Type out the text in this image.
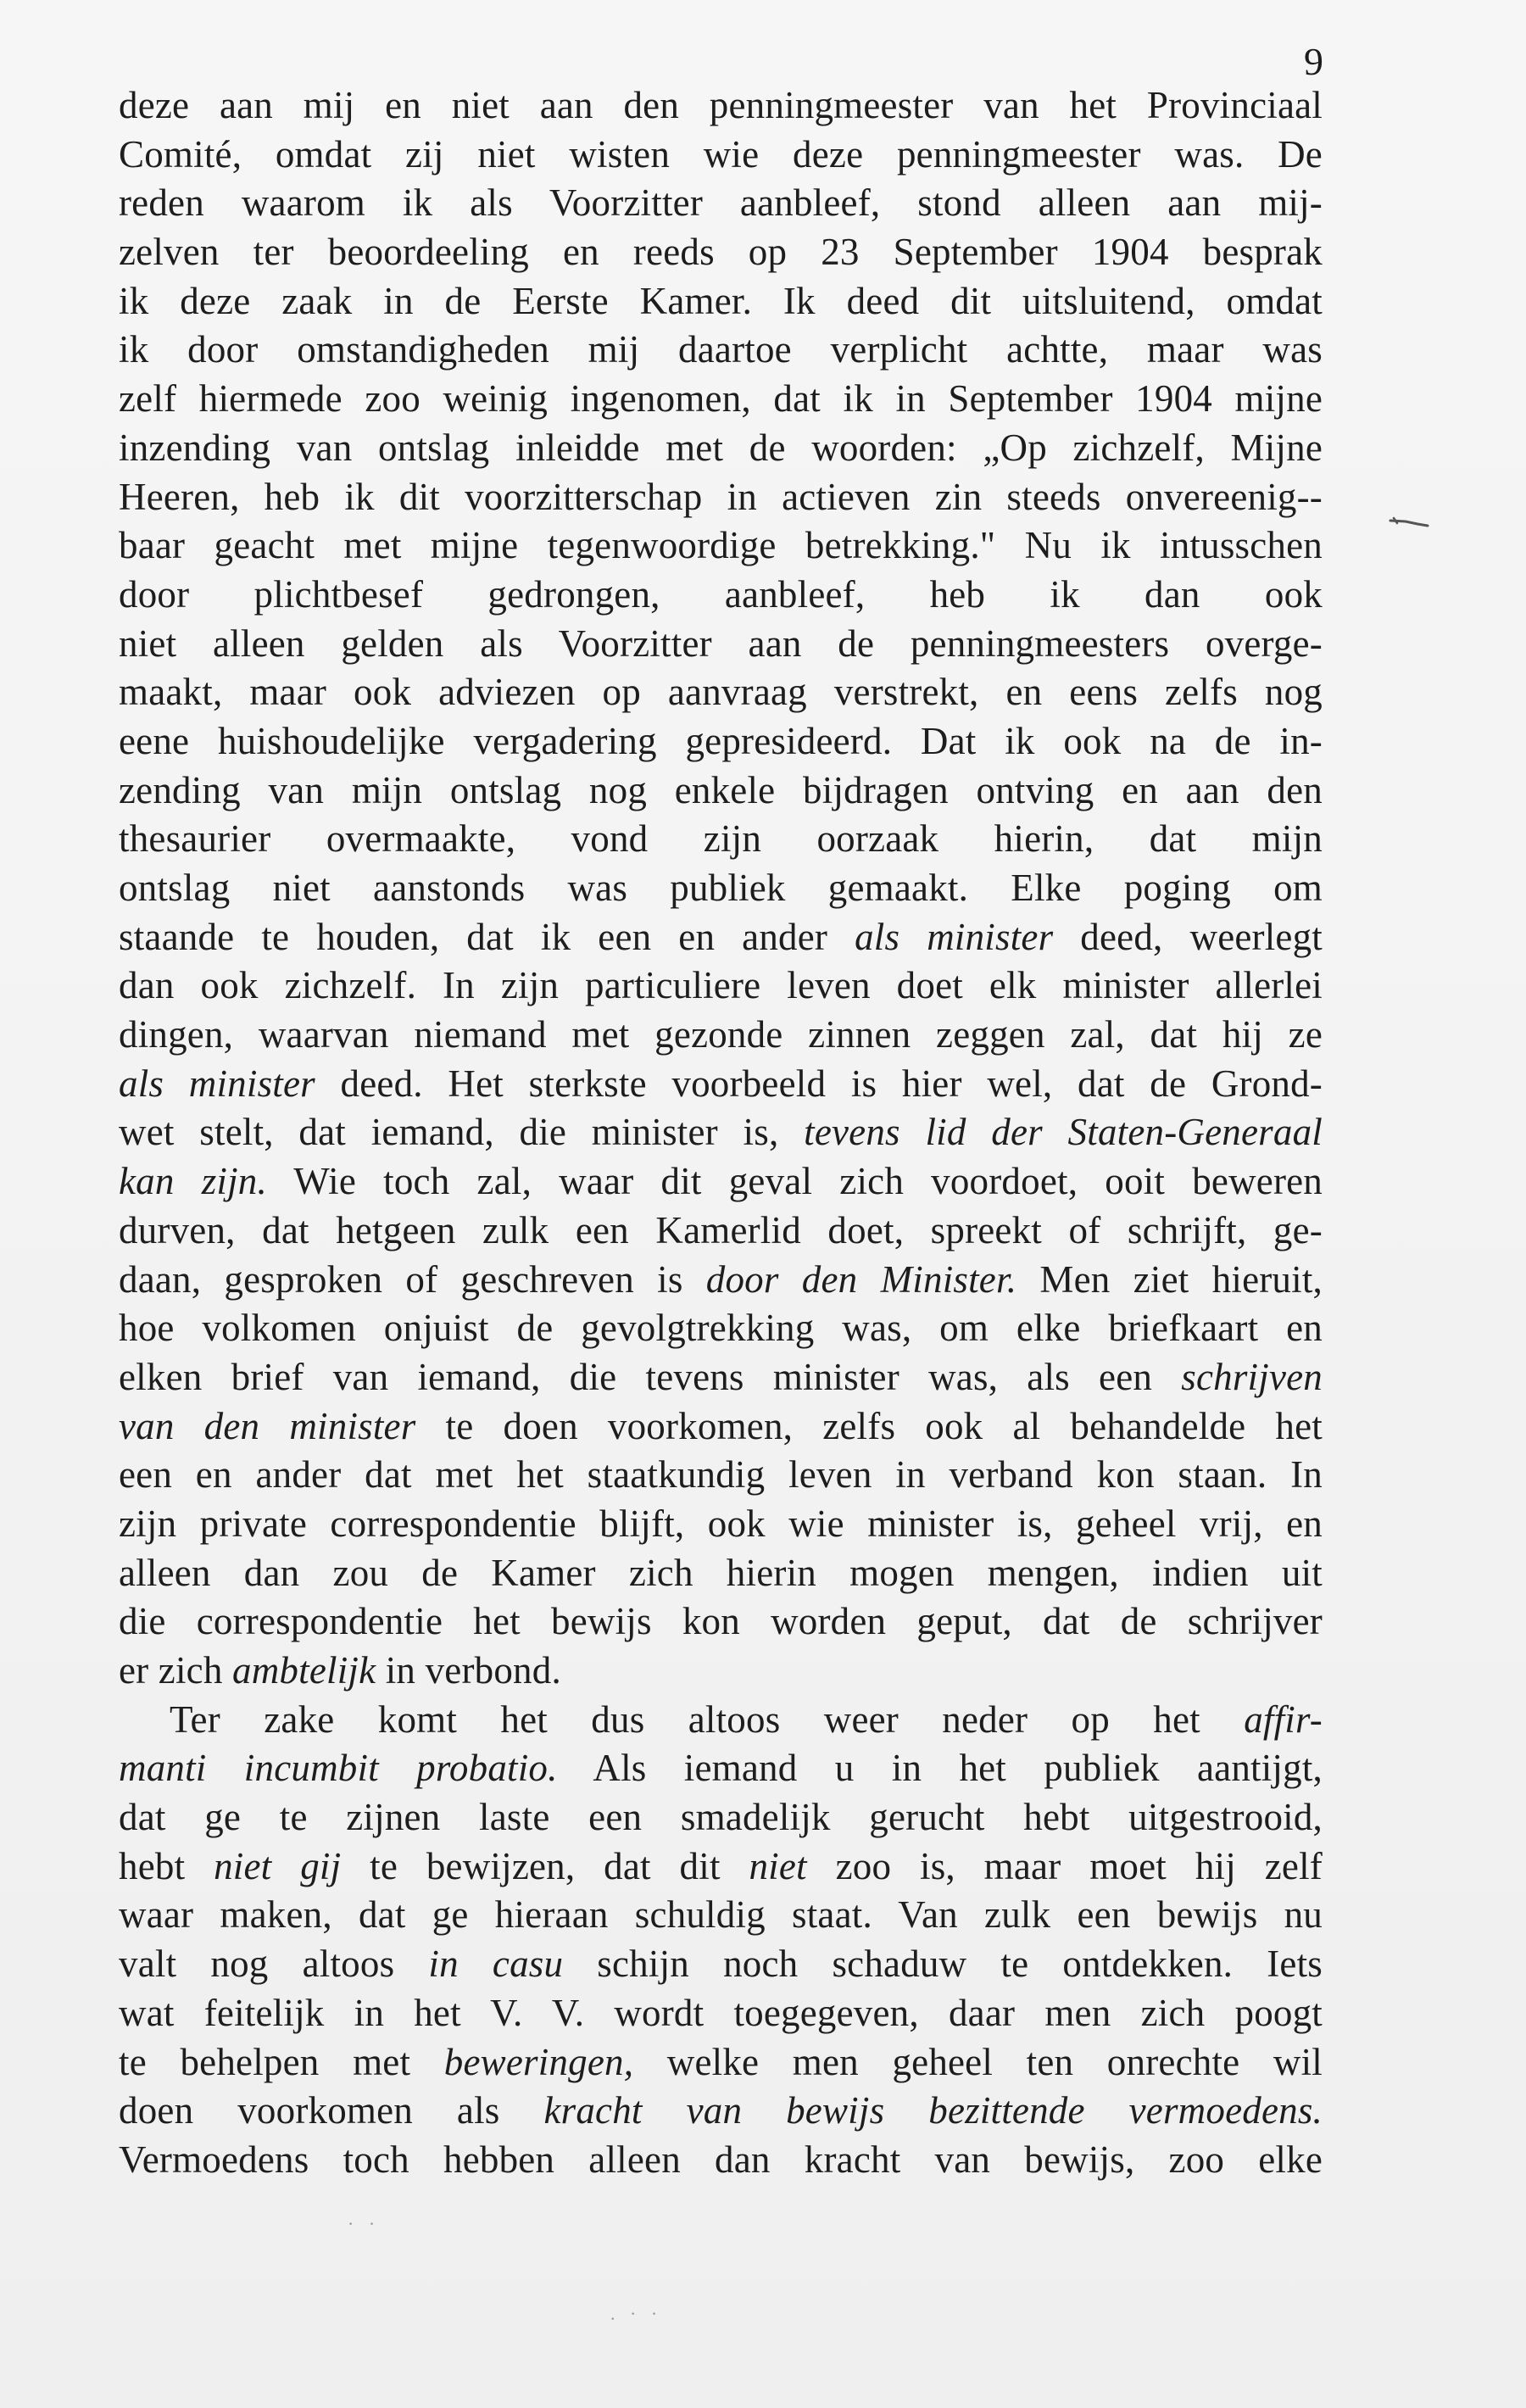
9
deze aan mij en niet aan den penningmeester van het Provinciaal
Comité, omdat zij niet wisten wie deze penningmeester was. De
reden waarom ik als Voorzitter aanbleef, stond alleen aan mij-
zelven ter beoordeeling en reeds op 23 September 1904 besprak
ik deze zaak in de Eerste Kamer. Ik deed dit uitsluitend, omdat
ik door omstandigheden mij daartoe verplicht achtte, maar was
zelf hiermede zoo weinig ingenomen, dat ik in September 1904 mijne
inzending van ontslag inleidde met de woorden: „Op zichzelf, Mijne
Heeren, heb ik dit voorzitterschap in actieven zin steeds onvereenig--
baar geacht met mijne tegenwoordige betrekking." Nu ik intusschen
door plichtbesef gedrongen, aanbleef, heb ik dan ook
niet alleen gelden als Voorzitter aan de penningmeesters overge-
maakt, maar ook adviezen op aanvraag verstrekt, en eens zelfs nog
eene huishoudelijke vergadering gepresideerd. Dat ik ook na de in-
zending van mijn ontslag nog enkele bijdragen ontving en aan den
thesaurier overmaakte, vond zijn oorzaak hierin, dat mijn
ontslag niet aanstonds was publiek gemaakt. Elke poging om
staande te houden, dat ik een en ander als minister deed, weerlegt
dan ook zichzelf. In zijn particuliere leven doet elk minister allerlei
dingen, waarvan niemand met gezonde zinnen zeggen zal, dat hij ze
als minister deed. Het sterkste voorbeeld is hier wel, dat de Grond-
wet stelt, dat iemand, die minister is, tevens lid der Staten-Generaal
kan zijn. Wie toch zal, waar dit geval zich voordoet, ooit beweren
durven, dat hetgeen zulk een Kamerlid doet, spreekt of schrijft, ge-
daan, gesproken of geschreven is door den Minister. Men ziet hieruit,
hoe volkomen onjuist de gevolgtrekking was, om elke briefkaart en
elken brief van iemand, die tevens minister was, als een schrijven
van den minister te doen voorkomen, zelfs ook al behandelde het
een en ander dat met het staatkundig leven in verband kon staan. In
zijn private correspondentie blijft, ook wie minister is, geheel vrij, en
alleen dan zou de Kamer zich hierin mogen mengen, indien uit
die correspondentie het bewijs kon worden geput, dat de schrijver
er zich ambtelijk in verbond.
Ter zake komt het dus altoos weer neder op het affir-
manti incumbit probatio. Als iemand u in het publiek aantijgt,
dat ge te zijnen laste een smadelijk gerucht hebt uitgestrooid,
hebt niet gij te bewijzen, dat dit niet zoo is, maar moet hij zelf
waar maken, dat ge hieraan schuldig staat. Van zulk een bewijs nu
valt nog altoos in casu schijn noch schaduw te ontdekken. Iets
wat feitelijk in het V. V. wordt toegegeven, daar men zich poogt
te behelpen met beweringen, welke men geheel ten onrechte wil
doen voorkomen als kracht van bewijs bezittende vermoedens.
Vermoedens toch hebben alleen dan kracht van bewijs, zoo elke
· ·
. · ·
